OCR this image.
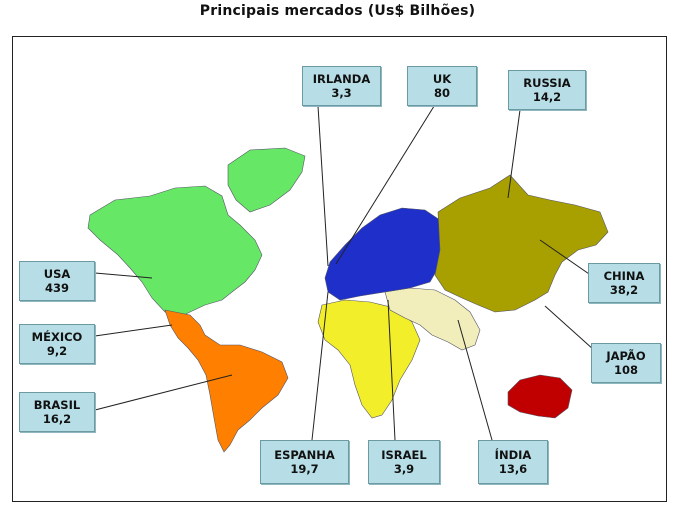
Principais mercados (Us$ Bilhões)
USA
439
MÉXICO
9,2
BRASIL
16,2
IRLANDA
3,3
UK
80
RUSSIA
14,2
CHINA
38,2
JAPÃO
108
ESPANHA
19,7
ISRAEL
3,9
ÍNDIA
13,6
